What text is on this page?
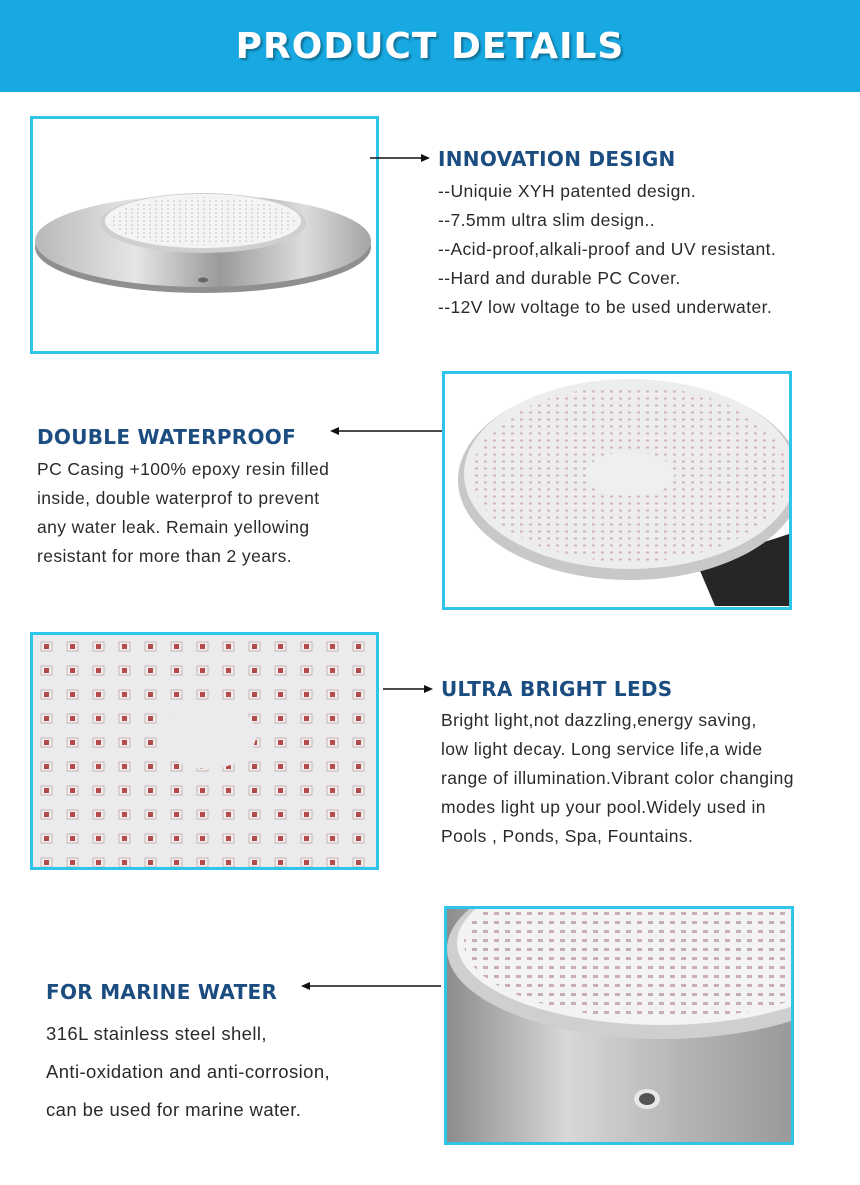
PRODUCT DETAILS
INNOVATION DESIGN
--Uniquie XYH patented design.
--7.5mm ultra slim design..
--Acid-proof,alkali-proof and UV resistant.
--Hard and durable PC Cover.
--12V low voltage to be used underwater.
DOUBLE WATERPROOF
PC Casing +100% epoxy resin filled
inside, double waterprof to prevent
any water leak. Remain yellowing
resistant for more than 2 years.
ULTRA BRIGHT LEDS
Bright light,not dazzling,energy saving,
low light decay. Long service life,a wide
range of illumination.Vibrant color changing
modes light up your pool.Widely used in
Pools , Ponds, Spa, Fountains.
FOR MARINE WATER
316L stainless steel shell,
Anti-oxidation and anti-corrosion,
can be used for marine water.
